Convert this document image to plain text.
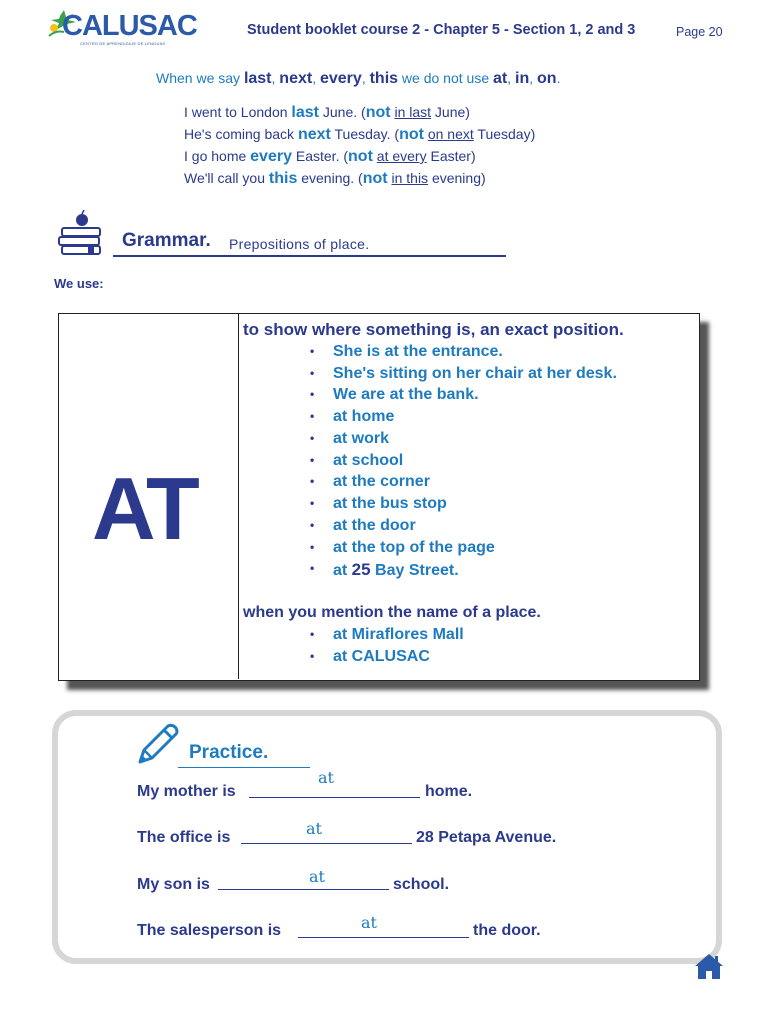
CALUSAC
CENTRO DE APRENDIZAJE DE LENGUAS
Student booklet course 2 - Chapter 5 - Section 1, 2 and 3	Page 20
When we say last, next, every, this we do not use at, in, on.
I went to London last June. (not in last June)
He's coming back next Tuesday. (not on next Tuesday)
I go home every Easter. (not at every Easter)
We'll call you this evening. (not in this evening)
Grammar. Prepositions of place.
We use:
AT
to show where something is, an exact position.
• She is at the entrance.
• She's sitting on her chair at her desk.
• We are at the bank.
• at home
• at work
• at school
• at the corner
• at the bus stop
• at the door
• at the top of the page
• at 25 Bay Street.
when you mention the name of a place.
• at Miraflores Mall
• at CALUSAC
Practice.
My mother is
at
home.
The office is	at	28 Petapa Avenue.
My son is	at	school.
The salesperson is	at	the door.
